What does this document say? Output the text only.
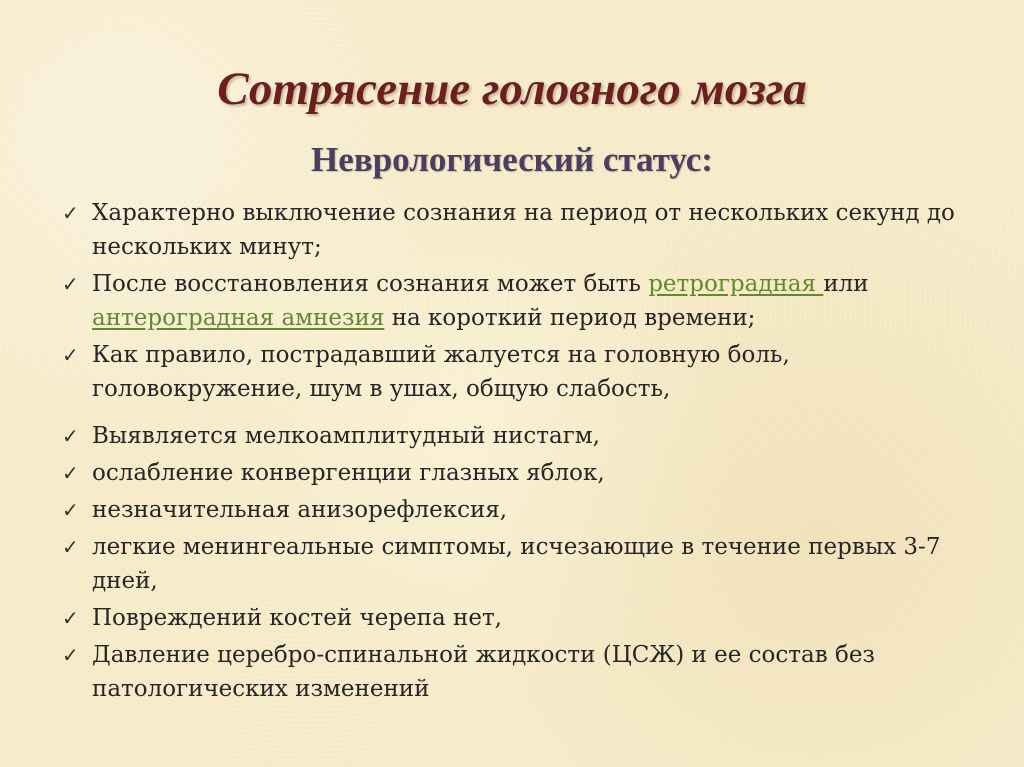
Сотрясение головного мозга
Неврологический статус:
✓ Характерно выключение сознания на период от нескольких секунд до нескольких минут;
✓ После восстановления сознания может быть ретроградная или
антероградная амнезия на короткий период времени;
✓ Как правило, пострадавший жалуется на головную боль, головокружение, шум в ушах, общую слабость,
✓ Выявляется мелкоамплитудный нистагм,
✓ ослабление конвергенции глазных яблок,
✓ незначительная анизорефлексия,
✓ легкие менингеальные симптомы, исчезающие в течение первых 3-7 дней,
✓ Повреждений костей черепа нет,
✓ Давление церебро-спинальной жидкости (ЦСЖ) и ее состав без патологических изменений
